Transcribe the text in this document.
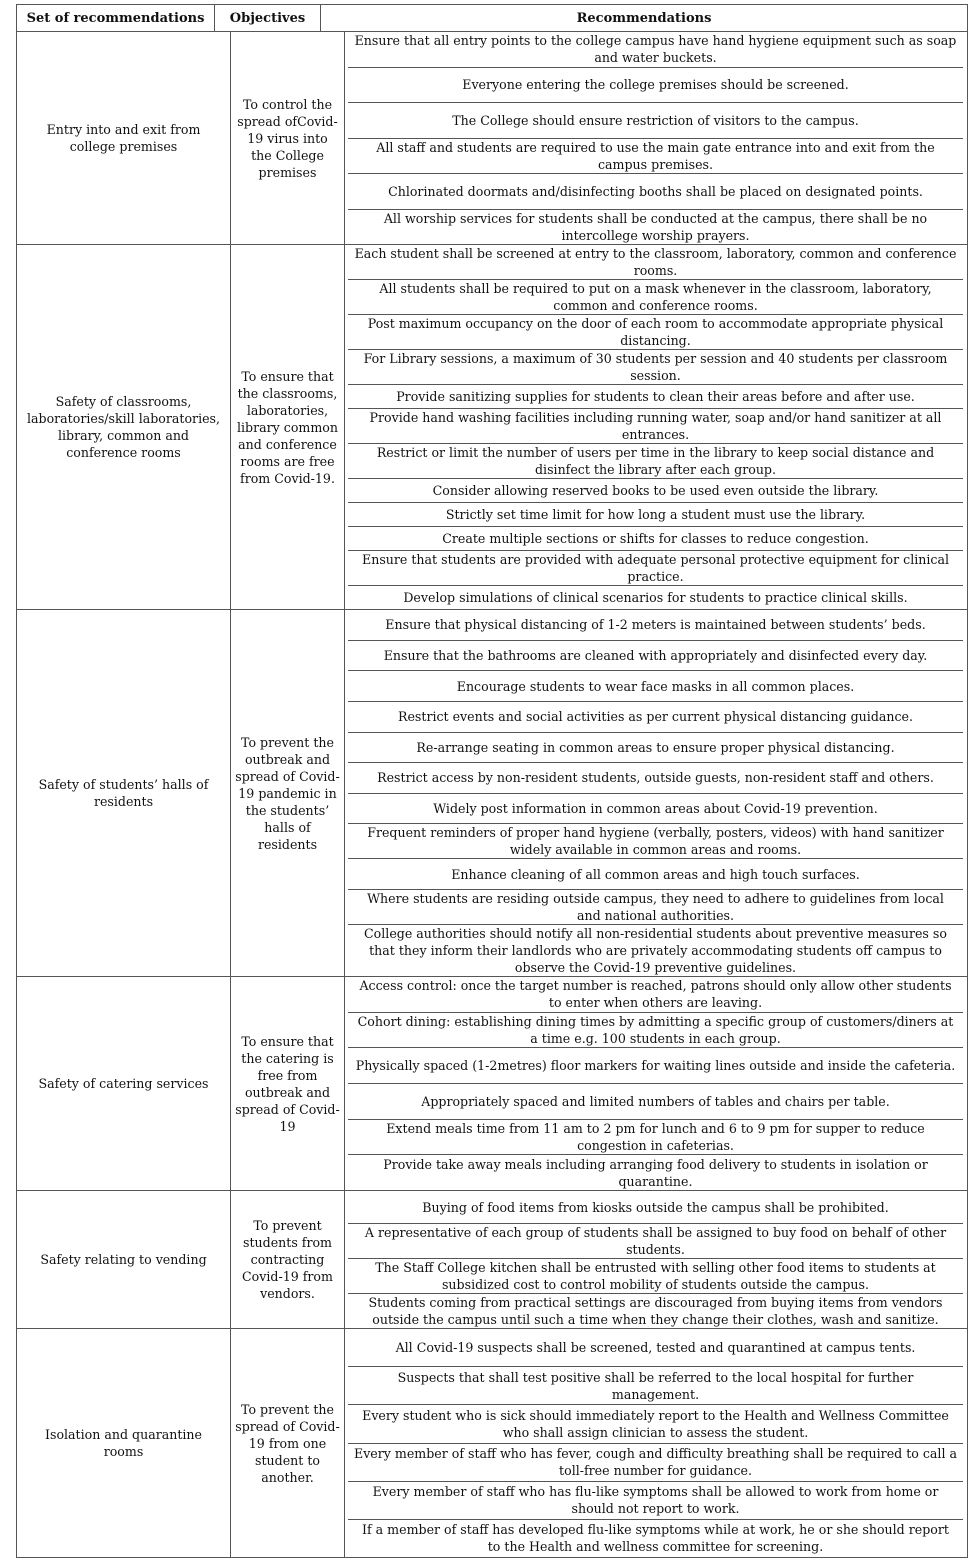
Set of recommendations	Objectives	Recommendations
Entry into and exit from college premises
To control the spread ofCovid-19 virus into the College premises
Ensure that all entry points to the college campus have hand hygiene equipment such as soap and water buckets.
Everyone entering the college premises should be screened.
The College should ensure restriction of visitors to the campus.
All staff and students are required to use the main gate entrance into and exit from the campus premises.
Chlorinated doormats and/disinfecting booths shall be placed on designated points.
All worship services for students shall be conducted at the campus, there shall be no intercollege worship prayers.
Safety of classrooms, laboratories/skill laboratories, library, common and conference rooms
To ensure that the classrooms, laboratories, library common and conference rooms are free from Covid-19.
Each student shall be screened at entry to the classroom, laboratory, common and conference rooms.
All students shall be required to put on a mask whenever in the classroom, laboratory, common and conference rooms.
Post maximum occupancy on the door of each room to accommodate appropriate physical distancing.
For Library sessions, a maximum of 30 students per session and 40 students per classroom session.
Provide sanitizing supplies for students to clean their areas before and after use.
Provide hand washing facilities including running water, soap and/or hand sanitizer at all entrances.
Restrict or limit the number of users per time in the library to keep social distance and disinfect the library after each group.
Consider allowing reserved books to be used even outside the library.
Strictly set time limit for how long a student must use the library.
Create multiple sections or shifts for classes to reduce congestion.
Ensure that students are provided with adequate personal protective equipment for clinical practice.
Develop simulations of clinical scenarios for students to practice clinical skills.
Safety of students’ halls of residents
To prevent the outbreak and spread of Covid-19 pandemic in the students’ halls of residents
Ensure that physical distancing of 1-2 meters is maintained between students’ beds.
Ensure that the bathrooms are cleaned with appropriately and disinfected every day.
Encourage students to wear face masks in all common places.
Restrict events and social activities as per current physical distancing guidance.
Re-arrange seating in common areas to ensure proper physical distancing.
Restrict access by non-resident students, outside guests, non-resident staff and others.
Widely post information in common areas about Covid-19 prevention.
Frequent reminders of proper hand hygiene (verbally, posters, videos) with hand sanitizer widely available in common areas and rooms.
Enhance cleaning of all common areas and high touch surfaces.
Where students are residing outside campus, they need to adhere to guidelines from local and national authorities.
College authorities should notify all non-residential students about preventive measures so that they inform their landlords who are privately accommodating students off campus to observe the Covid-19 preventive guidelines.
Safety of catering services
To ensure that the catering is free from outbreak and spread of Covid-19
Access control: once the target number is reached, patrons should only allow other students to enter when others are leaving.
Cohort dining: establishing dining times by admitting a specific group of customers/diners at a time e.g. 100 students in each group.
Physically spaced (1-2metres) floor markers for waiting lines outside and inside the cafeteria.
Appropriately spaced and limited numbers of tables and chairs per table.
Extend meals time from 11 am to 2 pm for lunch and 6 to 9 pm for supper to reduce congestion in cafeterias.
Provide take away meals including arranging food delivery to students in isolation or quarantine.
Safety relating to vending
To prevent students from contracting Covid-19 from vendors.
Buying of food items from kiosks outside the campus shall be prohibited.
A representative of each group of students shall be assigned to buy food on behalf of other students.
The Staff College kitchen shall be entrusted with selling other food items to students at subsidized cost to control mobility of students outside the campus.
Students coming from practical settings are discouraged from buying items from vendors outside the campus until such a time when they change their clothes, wash and sanitize.
Isolation and quarantine rooms
To prevent the spread of Covid-19 from one student to another.
All Covid-19 suspects shall be screened, tested and quarantined at campus tents.
Suspects that shall test positive shall be referred to the local hospital for further management.
Every student who is sick should immediately report to the Health and Wellness Committee who shall assign clinician to assess the student.
Every member of staff who has fever, cough and difficulty breathing shall be required to call a toll-free number for guidance.
Every member of staff who has flu-like symptoms shall be allowed to work from home or should not report to work.
If a member of staff has developed flu-like symptoms while at work, he or she should report to the Health and wellness committee for screening.
